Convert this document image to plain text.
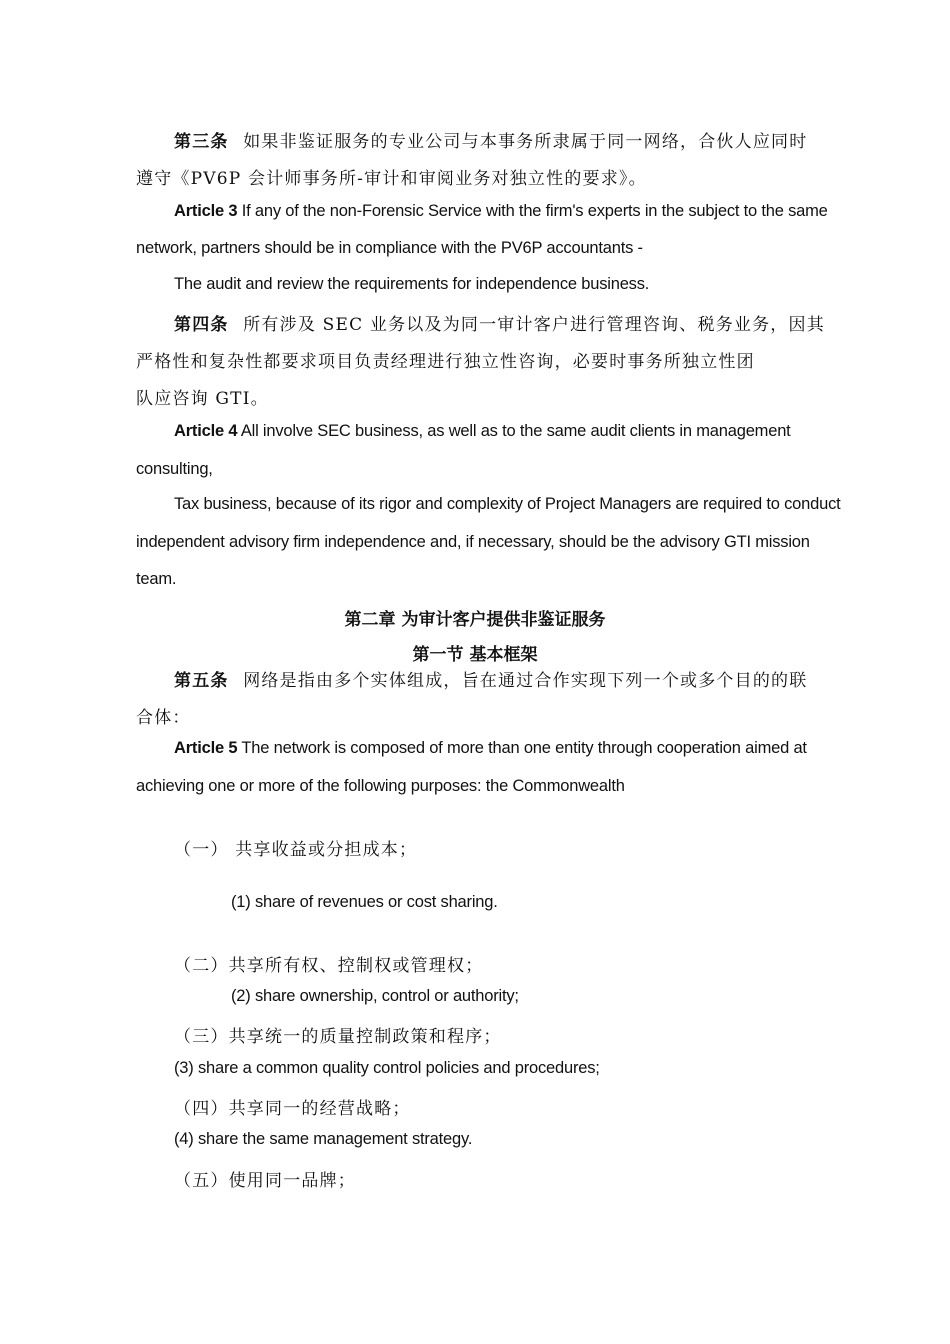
第三条 如果非鉴证服务的专业公司与本事务所隶属于同一网络，合伙人应同时
遵守《PV6P 会计师事务所-审计和审阅业务对独立性的要求》。
Article 3 If any of the non-Forensic Service with the firm's experts in the subject to the same
network, partners should be in compliance with the PV6P accountants -
The audit and review the requirements for independence business.
第四条 所有涉及 SEC 业务以及为同一审计客户进行管理咨询、税务业务，因其
严格性和复杂性都要求项目负责经理进行独立性咨询，必要时事务所独立性团
队应咨询 GTI。
Article 4 All involve SEC business, as well as to the same audit clients in management
consulting,
Tax business, because of its rigor and complexity of Project Managers are required to conduct
independent advisory firm independence and, if necessary, should be the advisory GTI mission
team.
第二章 为审计客户提供非鉴证服务
第一节 基本框架
第五条 网络是指由多个实体组成，旨在通过合作实现下列一个或多个目的的联
合体：
Article 5 The network is composed of more than one entity through cooperation aimed at
achieving one or more of the following purposes: the Commonwealth
（一） 共享收益或分担成本；
(1) share of revenues or cost sharing.
（二）共享所有权、控制权或管理权；
(2) share ownership, control or authority;
（三）共享统一的质量控制政策和程序；
(3) share a common quality control policies and procedures;
（四）共享同一的经营战略；
(4) share the same management strategy.
（五）使用同一品牌；
